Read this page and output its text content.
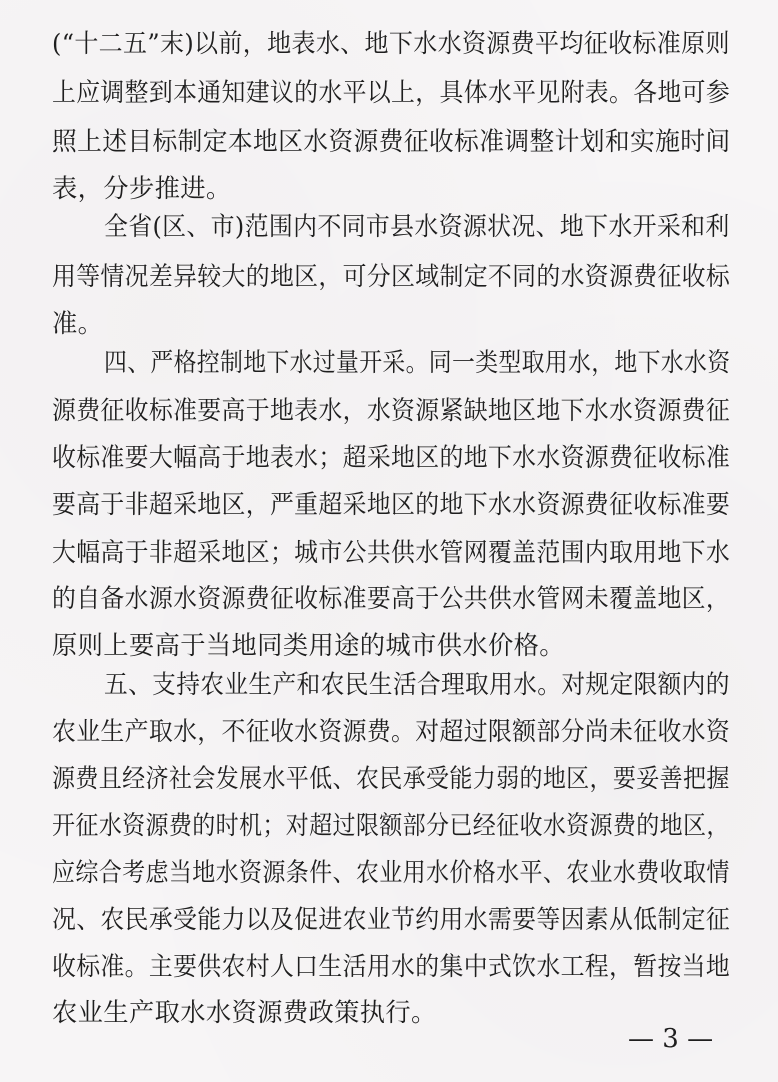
(“十二五”末)以前，地表水、地下水水资源费平均征收标准原则
上应调整到本通知建议的水平以上，具体水平见附表。各地可参
照上述目标制定本地区水资源费征收标准调整计划和实施时间
表，分步推进。
全省(区、市)范围内不同市县水资源状况、地下水开采和利
用等情况差异较大的地区，可分区域制定不同的水资源费征收标
准。
四、严格控制地下水过量开采。同一类型取用水，地下水水资
源费征收标准要高于地表水，水资源紧缺地区地下水水资源费征
收标准要大幅高于地表水；超采地区的地下水水资源费征收标准
要高于非超采地区，严重超采地区的地下水水资源费征收标准要
大幅高于非超采地区；城市公共供水管网覆盖范围内取用地下水
的自备水源水资源费征收标准要高于公共供水管网未覆盖地区，
原则上要高于当地同类用途的城市供水价格。
五、支持农业生产和农民生活合理取用水。对规定限额内的
农业生产取水，不征收水资源费。对超过限额部分尚未征收水资
源费且经济社会发展水平低、农民承受能力弱的地区，要妥善把握
开征水资源费的时机；对超过限额部分已经征收水资源费的地区，
应综合考虑当地水资源条件、农业用水价格水平、农业水费收取情
况、农民承受能力以及促进农业节约用水需要等因素从低制定征
收标准。主要供农村人口生活用水的集中式饮水工程，暂按当地
农业生产取水水资源费政策执行。
— 3 —
